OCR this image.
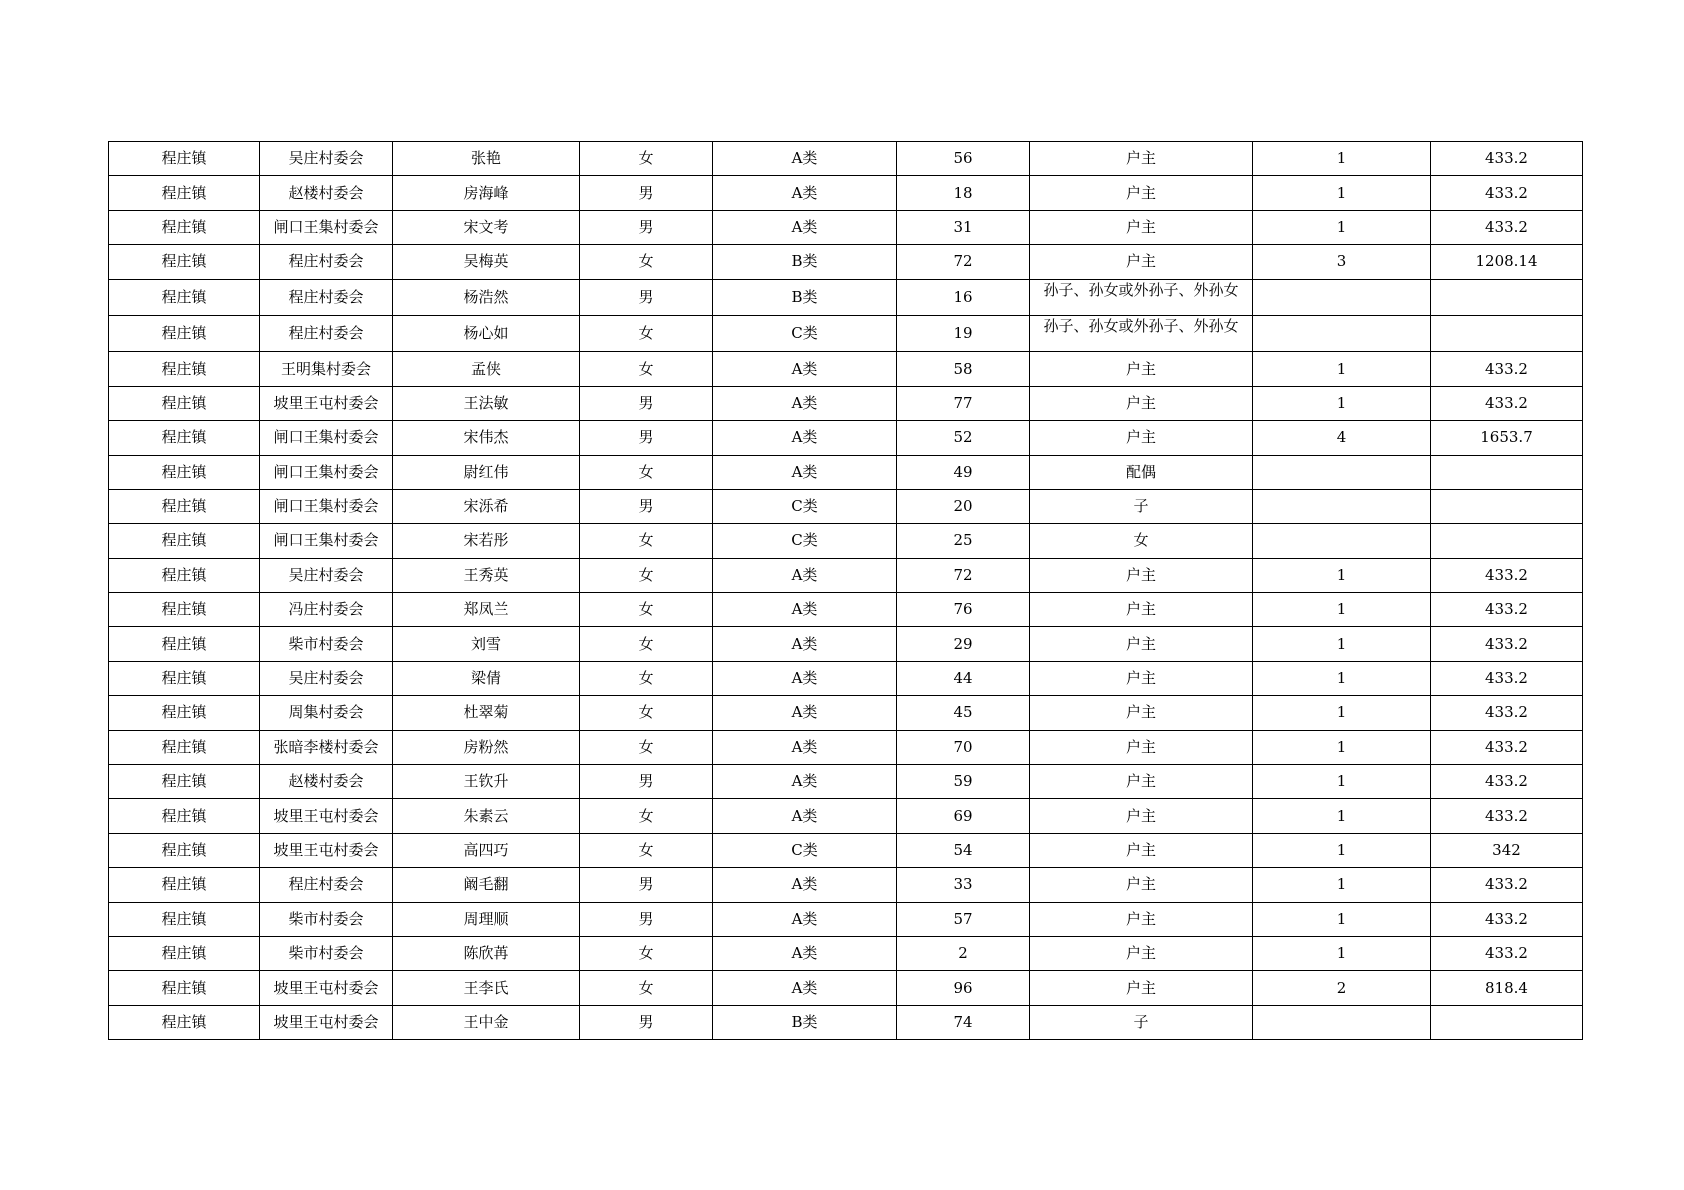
程庄镇	吴庄村委会	张艳	女	A类	56	户主	1	433.2
程庄镇	赵楼村委会	房海峰	男	A类	18	户主	1	433.2
程庄镇	闸口王集村委会	宋文考	男	A类	31	户主	1	433.2
程庄镇	程庄村委会	吴梅英	女	B类	72	户主	3	1208.14
程庄镇	程庄村委会	杨浩然	男	B类	16	孙子、孙女或外孙子、外孙女		

程庄镇	程庄村委会	杨心如	女	C类	19	孙子、孙女或外孙子、外孙女		

程庄镇	王明集村委会	孟侠	女	A类	58	户主	1	433.2
程庄镇	坡里王屯村委会	王法敏	男	A类	77	户主	1	433.2
程庄镇	闸口王集村委会	宋伟杰	男	A类	52	户主	4	1653.7
程庄镇	闸口王集村委会	尉红伟	女	A类	49	配偶		
程庄镇	闸口王集村委会	宋泺希	男	C类	20	子		
程庄镇	闸口王集村委会	宋若彤	女	C类	25	女		
程庄镇	吴庄村委会	王秀英	女	A类	72	户主	1	433.2
程庄镇	冯庄村委会	郑凤兰	女	A类	76	户主	1	433.2
程庄镇	柴市村委会	刘雪	女	A类	29	户主	1	433.2
程庄镇	吴庄村委会	梁倩	女	A类	44	户主	1	433.2
程庄镇	周集村委会	杜翠菊	女	A类	45	户主	1	433.2
程庄镇	张暗李楼村委会	房粉然	女	A类	70	户主	1	433.2
程庄镇	赵楼村委会	王钦升	男	A类	59	户主	1	433.2
程庄镇	坡里王屯村委会	朱素云	女	A类	69	户主	1	433.2
程庄镇	坡里王屯村委会	高四巧	女	C类	54	户主	1	342
程庄镇	程庄村委会	阚毛翻	男	A类	33	户主	1	433.2
程庄镇	柴市村委会	周理顺	男	A类	57	户主	1	433.2
程庄镇	柴市村委会	陈欣苒	女	A类	2	户主	1	433.2
程庄镇	坡里王屯村委会	王李氏	女	A类	96	户主	2	818.4
程庄镇	坡里王屯村委会	王中金	男	B类	74	子		
